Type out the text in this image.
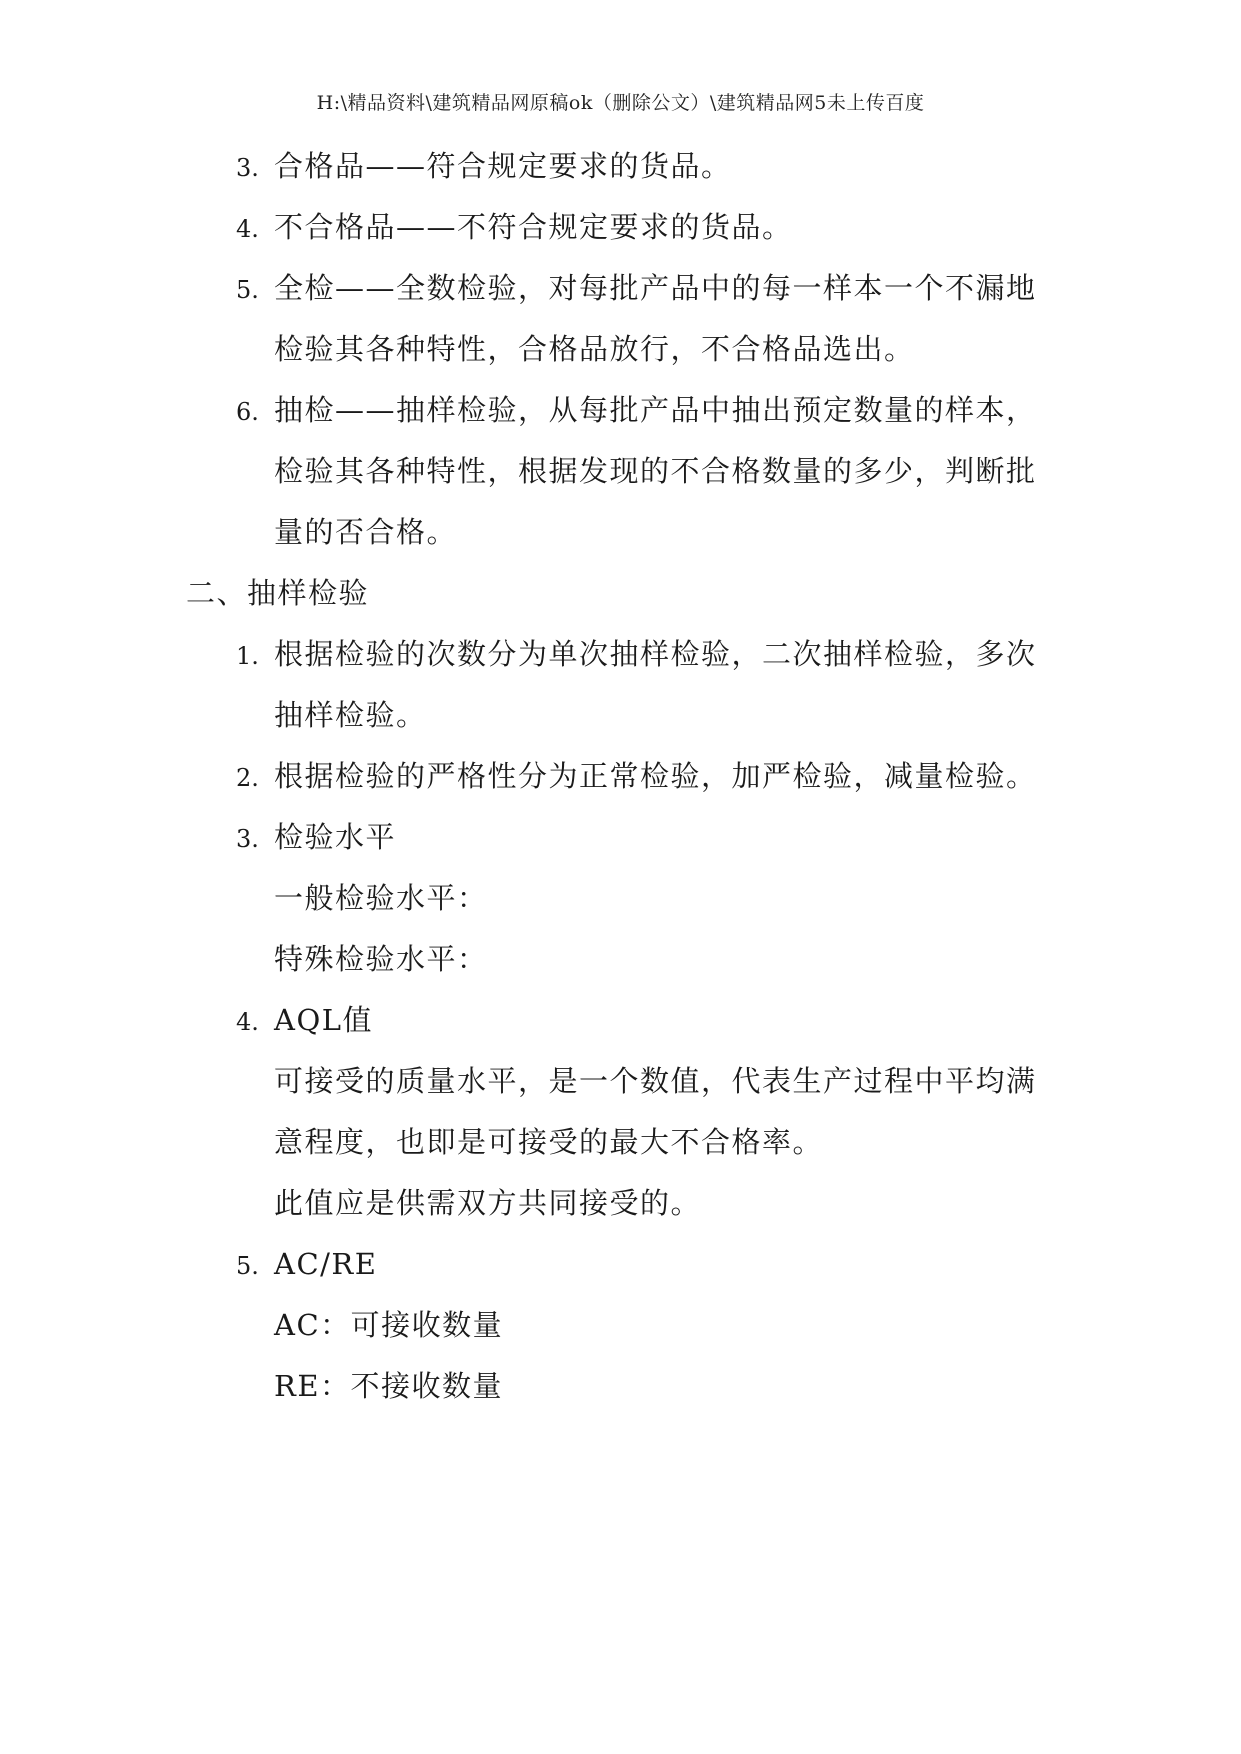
H:\精品资料\建筑精品网原稿ok（删除公文）\建筑精品网5未上传百度
3. 合格品——符合规定要求的货品。
4. 不合格品——不符合规定要求的货品。
5. 全检——全数检验，对每批产品中的每一样本一个不漏地
检验其各种特性，合格品放行，不合格品选出。
6. 抽检——抽样检验，从每批产品中抽出预定数量的样本，
检验其各种特性，根据发现的不合格数量的多少，判断批
量的否合格。
二、抽样检验
1. 根据检验的次数分为单次抽样检验，二次抽样检验，多次
抽样检验。
2. 根据检验的严格性分为正常检验，加严检验，减量检验。
3. 检验水平
一般检验水平：
特殊检验水平：
4. AQL值
可接受的质量水平，是一个数值，代表生产过程中平均满
意程度，也即是可接受的最大不合格率。
此值应是供需双方共同接受的。
5. AC/RE
AC：可接收数量
RE：不接收数量
